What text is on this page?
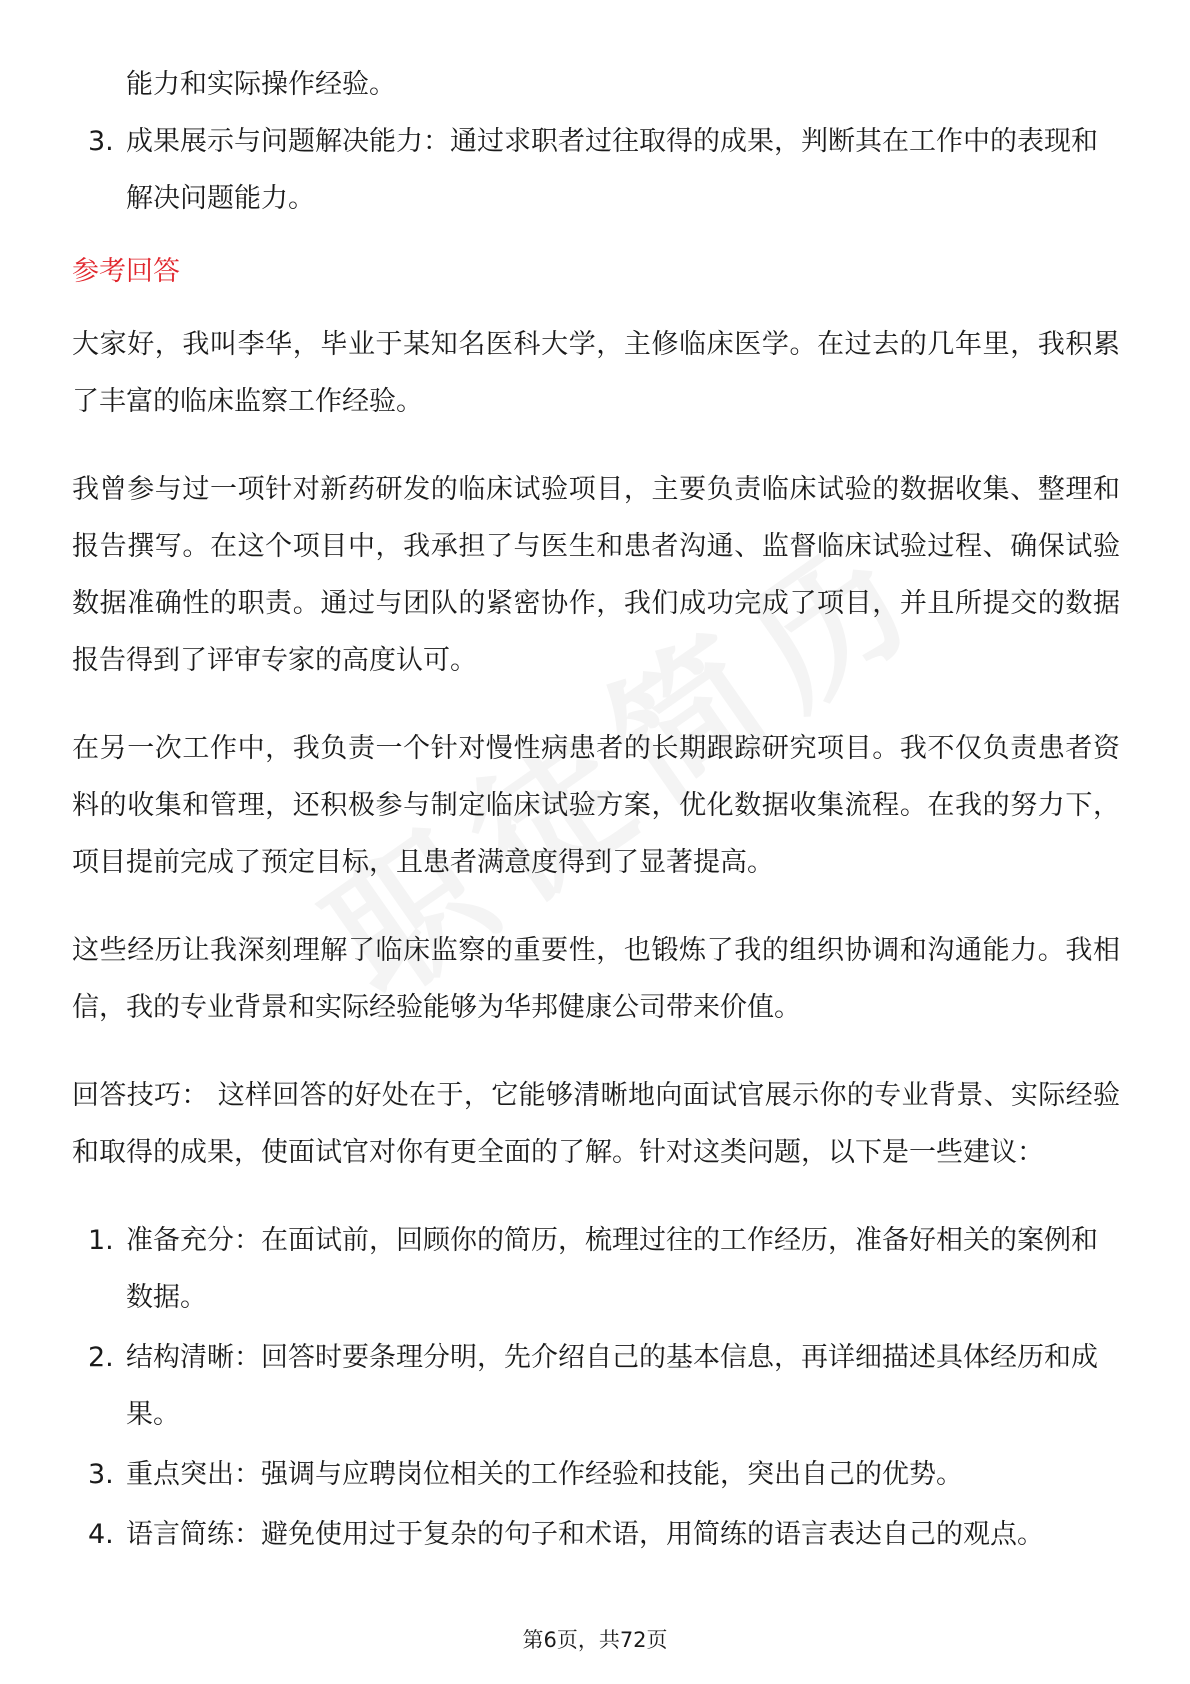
能力和实际操作经验。
3. 成果展示与问题解决能力：通过求职者过往取得的成果，判断其在工作中的表现和解决问题能力。
参考回答

大家好，我叫李华，毕业于某知名医科大学，主修临床医学。在过去的几年里，我积累了丰富的临床监察工作经验。

我曾参与过一项针对新药研发的临床试验项目，主要负责临床试验的数据收集、整理和报告撰写。在这个项目中，我承担了与医生和患者沟通、监督临床试验过程、确保试验数据准确性的职责。通过与团队的紧密协作，我们成功完成了项目，并且所提交的数据报告得到了评审专家的高度认可。

在另一次工作中，我负责一个针对慢性病患者的长期跟踪研究项目。我不仅负责患者资料的收集和管理，还积极参与制定临床试验方案，优化数据收集流程。在我的努力下，项目提前完成了预定目标，且患者满意度得到了显著提高。

这些经历让我深刻理解了临床监察的重要性，也锻炼了我的组织协调和沟通能力。我相信，我的专业背景和实际经验能够为华邦健康公司带来价值。

回答技巧： 这样回答的好处在于，它能够清晰地向面试官展示你的专业背景、实际经验和取得的成果，使面试官对你有更全面的了解。针对这类问题，以下是一些建议：

1. 准备充分：在面试前，回顾你的简历，梳理过往的工作经历，准备好相关的案例和数据。
2. 结构清晰：回答时要条理分明，先介绍自己的基本信息，再详细描述具体经历和成果。
3. 重点突出：强调与应聘岗位相关的工作经验和技能，突出自己的优势。
4. 语言简练：避免使用过于复杂的句子和术语，用简练的语言表达自己的观点。
第6页，共72页
